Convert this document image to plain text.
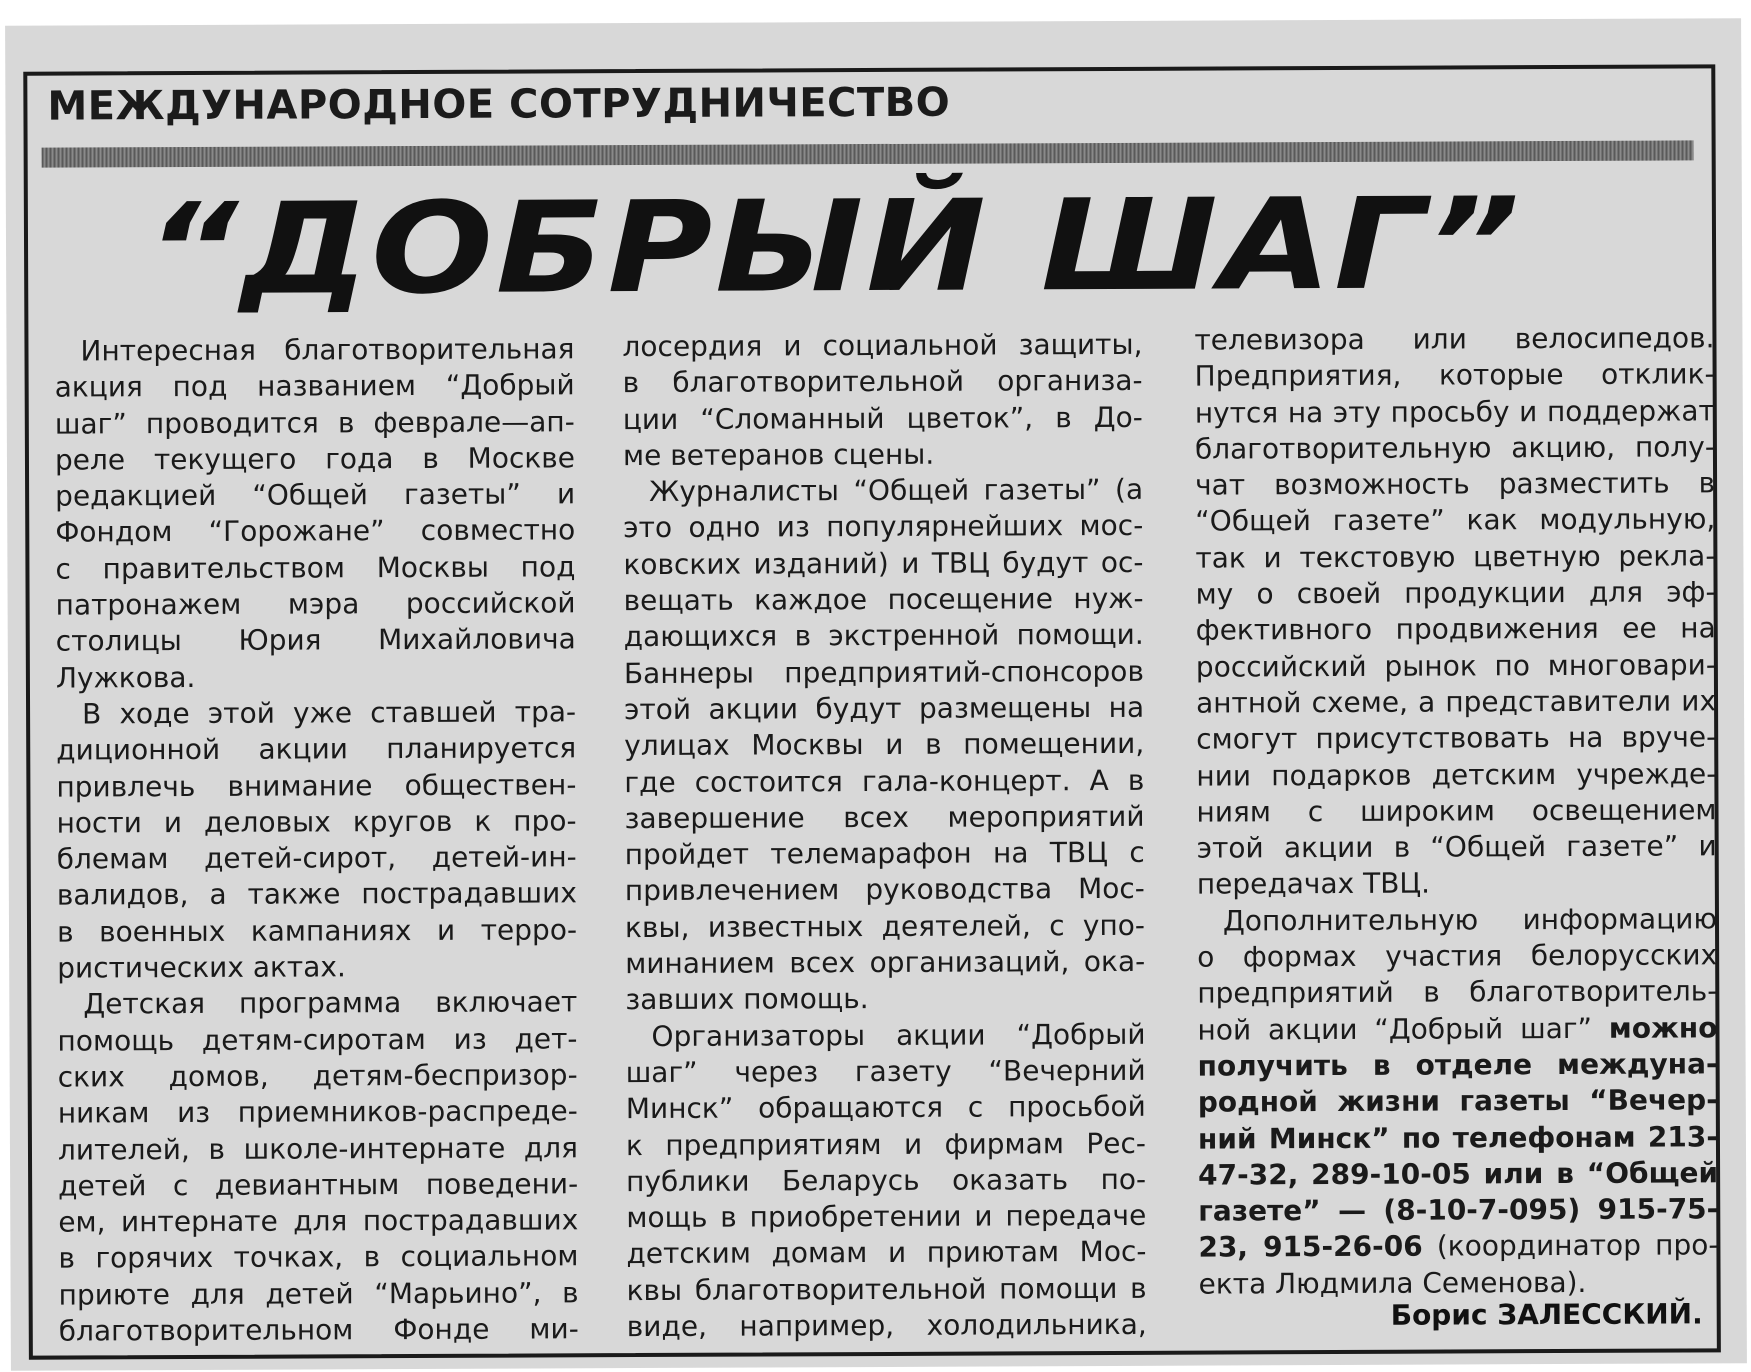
МЕЖДУНАРОДНОЕ СОТРУДНИЧЕСТВО
“ДОБРЫЙ ШАГ”
Интересная благотворительная
акция под названием “Добрый
шаг” проводится в феврале—ап-
реле текущего года в Москве
редакцией “Общей газеты” и
Фондом “Горожане” совместно
с правительством Москвы под
патронажем мэра российской
столицы Юрия Михайловича
Лужкова.
В ходе этой уже ставшей тра-
диционной акции планируется
привлечь внимание обществен-
ности и деловых кругов к про-
блемам детей-сирот, детей-ин-
валидов, а также пострадавших
в военных кампаниях и терро-
ристических актах.
Детская программа включает
помощь детям-сиротам из дет-
ских домов, детям-беспризор-
никам из приемников-распреде-
лителей, в школе-интернате для
детей с девиантным поведени-
ем, интернате для пострадавших
в горячих точках, в социальном
приюте для детей “Марьино”, в
благотворительном Фонде ми-
лосердия и социальной защиты,
в благотворительной организа-
ции “Сломанный цветок”, в До-
ме ветеранов сцены.
Журналисты “Общей газеты” (а
это одно из популярнейших мос-
ковских изданий) и ТВЦ будут ос-
вещать каждое посещение нуж-
дающихся в экстренной помощи.
Баннеры предприятий-спонсоров
этой акции будут размещены на
улицах Москвы и в помещении,
где состоится гала-концерт. А в
завершение всех мероприятий
пройдет телемарафон на ТВЦ с
привлечением руководства Мос-
квы, известных деятелей, с упо-
минанием всех организаций, ока-
завших помощь.
Организаторы акции “Добрый
шаг” через газету “Вечерний
Минск” обращаются с просьбой
к предприятиям и фирмам Рес-
публики Беларусь оказать по-
мощь в приобретении и передаче
детским домам и приютам Мос-
квы благотворительной помощи в
виде, например, холодильника,
телевизора или велосипедов.
Предприятия, которые отклик-
нутся на эту просьбу и поддержат
благотворительную акцию, полу-
чат возможность разместить в
“Общей газете” как модульную,
так и текстовую цветную рекла-
му о своей продукции для эф-
фективного продвижения ее на
российский рынок по многовари-
антной схеме, а представители их
смогут присутствовать на вруче-
нии подарков детским учрежде-
ниям с широким освещением
этой акции в “Общей газете” и
передачах ТВЦ.
Дополнительную информацию
о формах участия белорусских
предприятий в благотворитель-
ной акции “Добрый шаг” можно
получить в отделе междуна-
родной жизни газеты “Вечер-
ний Минск” по телефонам 213-
47-32, 289-10-05 или в “Общей
газете” — (8-10-7-095) 915-75-
23, 915-26-06 (координатор про-
екта Людмила Семенова).
Борис ЗАЛЕССКИЙ.
